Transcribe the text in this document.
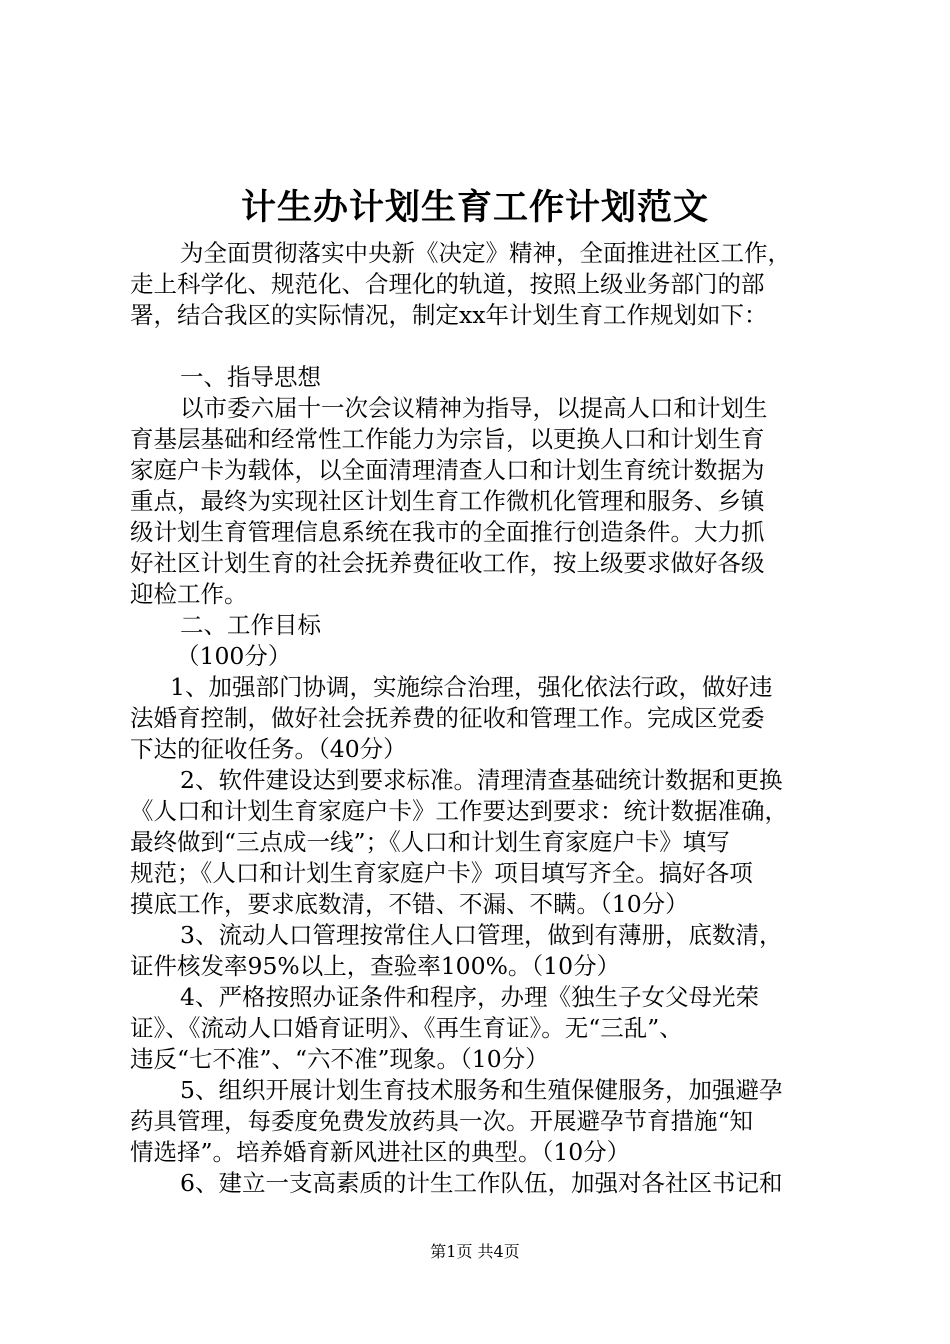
计生办计划生育工作计划范文
为全面贯彻落实中央新《决定》精神，全面推进社区工作，
走上科学化、规范化、合理化的轨道，按照上级业务部门的部
署，结合我区的实际情况，制定xx年计划生育工作规划如下：
一、指导思想
以市委六届十一次会议精神为指导，以提高人口和计划生
育基层基础和经常性工作能力为宗旨，以更换人口和计划生育
家庭户卡为载体，以全面清理清查人口和计划生育统计数据为
重点，最终为实现社区计划生育工作微机化管理和服务、乡镇
级计划生育管理信息系统在我市的全面推行创造条件。大力抓
好社区计划生育的社会抚养费征收工作，按上级要求做好各级
迎检工作。
二、工作目标
（100分）
1、加强部门协调，实施综合治理，强化依法行政，做好违
法婚育控制，做好社会抚养费的征收和管理工作。完成区党委
下达的征收任务。（40分）
2、软件建设达到要求标准。清理清查基础统计数据和更换
《人口和计划生育家庭户卡》工作要达到要求：统计数据准确，
最终做到“三点成一线”；《人口和计划生育家庭户卡》填写
规范；《人口和计划生育家庭户卡》项目填写齐全。搞好各项
摸底工作，要求底数清，不错、不漏、不瞒。（10分）
3、流动人口管理按常住人口管理，做到有薄册，底数清，
证件核发率95%以上，查验率100%。（10分）
4、严格按照办证条件和程序，办理《独生子女父母光荣
证》、《流动人口婚育证明》、《再生育证》。无“三乱”、
违反“七不准”、“六不准”现象。（10分）
5、组织开展计划生育技术服务和生殖保健服务，加强避孕
药具管理，每委度免费发放药具一次。开展避孕节育措施“知
情选择”。培养婚育新风进社区的典型。（10分）
6、建立一支高素质的计生工作队伍，加强对各社区书记和
第1页 共4页
